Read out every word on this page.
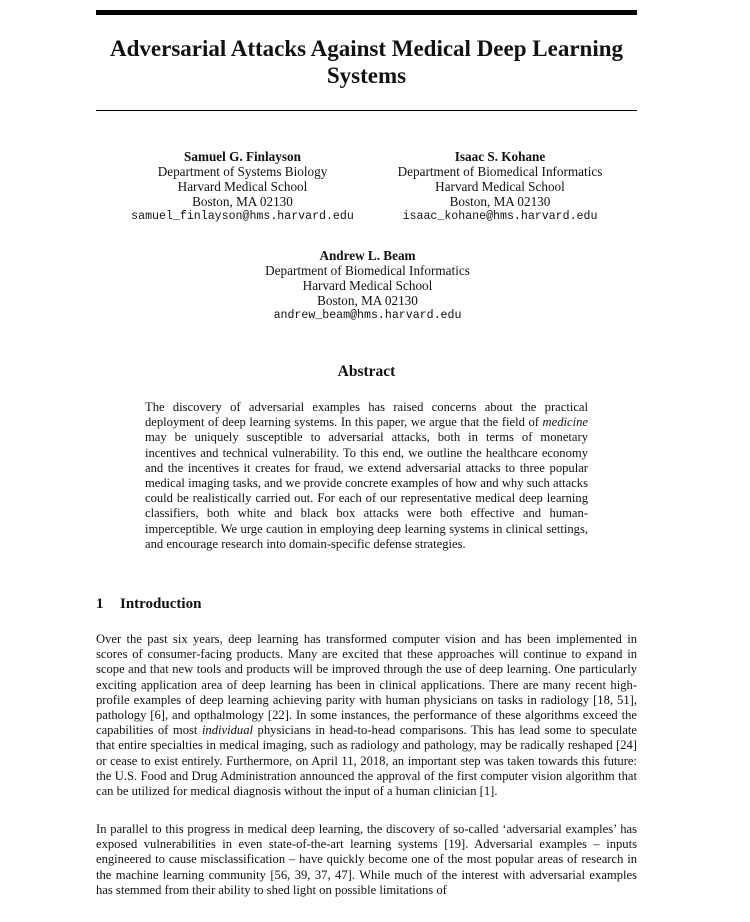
Adversarial Attacks Against Medical Deep Learning Systems
Samuel G. Finlayson
Department of Systems Biology
Harvard Medical School
Boston, MA 02130
samuel_finlayson@hms.harvard.edu
Isaac S. Kohane
Department of Biomedical Informatics
Harvard Medical School
Boston, MA 02130
isaac_kohane@hms.harvard.edu
Andrew L. Beam
Department of Biomedical Informatics
Harvard Medical School
Boston, MA 02130
andrew_beam@hms.harvard.edu
Abstract

The discovery of adversarial examples has raised concerns about the practical deployment of deep learning systems. In this paper, we argue that the field of medicine may be uniquely susceptible to adversarial attacks, both in terms of monetary incentives and technical vulnerability. To this end, we outline the healthcare economy and the incentives it creates for fraud, we extend adversarial attacks to three popular medical imaging tasks, and we provide concrete examples of how and why such attacks could be realistically carried out. For each of our representative medical deep learning classifiers, both white and black box attacks were both effective and human-imperceptible. We urge caution in employing deep learning systems in clinical settings, and encourage research into domain-specific defense strategies.

1 Introduction

Over the past six years, deep learning has transformed computer vision and has been implemented in scores of consumer-facing products. Many are excited that these approaches will continue to expand in scope and that new tools and products will be improved through the use of deep learning. One particularly exciting application area of deep learning has been in clinical applications. There are many recent high-profile examples of deep learning achieving parity with human physicians on tasks in radiology [18, 51], pathology [6], and opthalmology [22]. In some instances, the performance of these algorithms exceed the capabilities of most individual physicians in head-to-head comparisons. This has lead some to speculate that entire specialties in medical imaging, such as radiology and pathology, may be radically reshaped [24] or cease to exist entirely. Furthermore, on April 11, 2018, an important step was taken towards this future: the U.S. Food and Drug Administration announced the approval of the first computer vision algorithm that can be utilized for medical diagnosis without the input of a human clinician [1].

In parallel to this progress in medical deep learning, the discovery of so-called ‘adversarial examples’ has exposed vulnerabilities in even state-of-the-art learning systems [19]. Adversarial examples – inputs engineered to cause misclassification – have quickly become one of the most popular areas of research in the machine learning community [56, 39, 37, 47]. While much of the interest with adversarial examples has stemmed from their ability to shed light on possible limitations of
